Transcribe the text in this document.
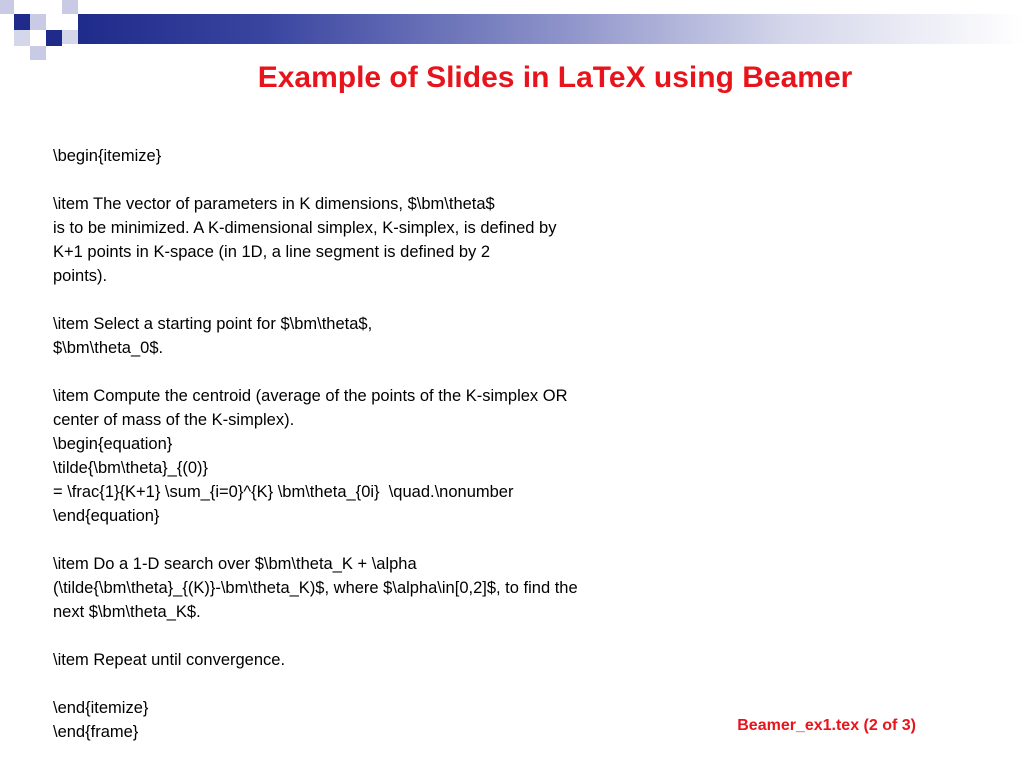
Example of Slides in LaTeX using Beamer
\begin{itemize}
\item The vector of parameters in K dimensions, $\bm\theta$
is to be minimized. A K-dimensional simplex, K-simplex, is defined by
K+1 points in K-space (in 1D, a line segment is defined by 2
points).
\item Select a starting point for $\bm\theta$,
$\bm\theta_0$.
\item Compute the centroid (average of the points of the K-simplex OR
center of mass of the K-simplex).
\begin{equation}
\tilde{\bm\theta}_{(0)}
= \frac{1}{K+1} \sum_{i=0}^{K} \bm\theta_{0i}  \quad.\nonumber
\end{equation}
\item Do a 1-D search over $\bm\theta_K + \alpha
(\tilde{\bm\theta}_{(K)}-\bm\theta_K)$, where $\alpha\in[0,2]$, to find the
next $\bm\theta_K$.
\item Repeat until convergence.
\end{itemize}
\end{frame}	Beamer_ex1.tex (2 of 3)
